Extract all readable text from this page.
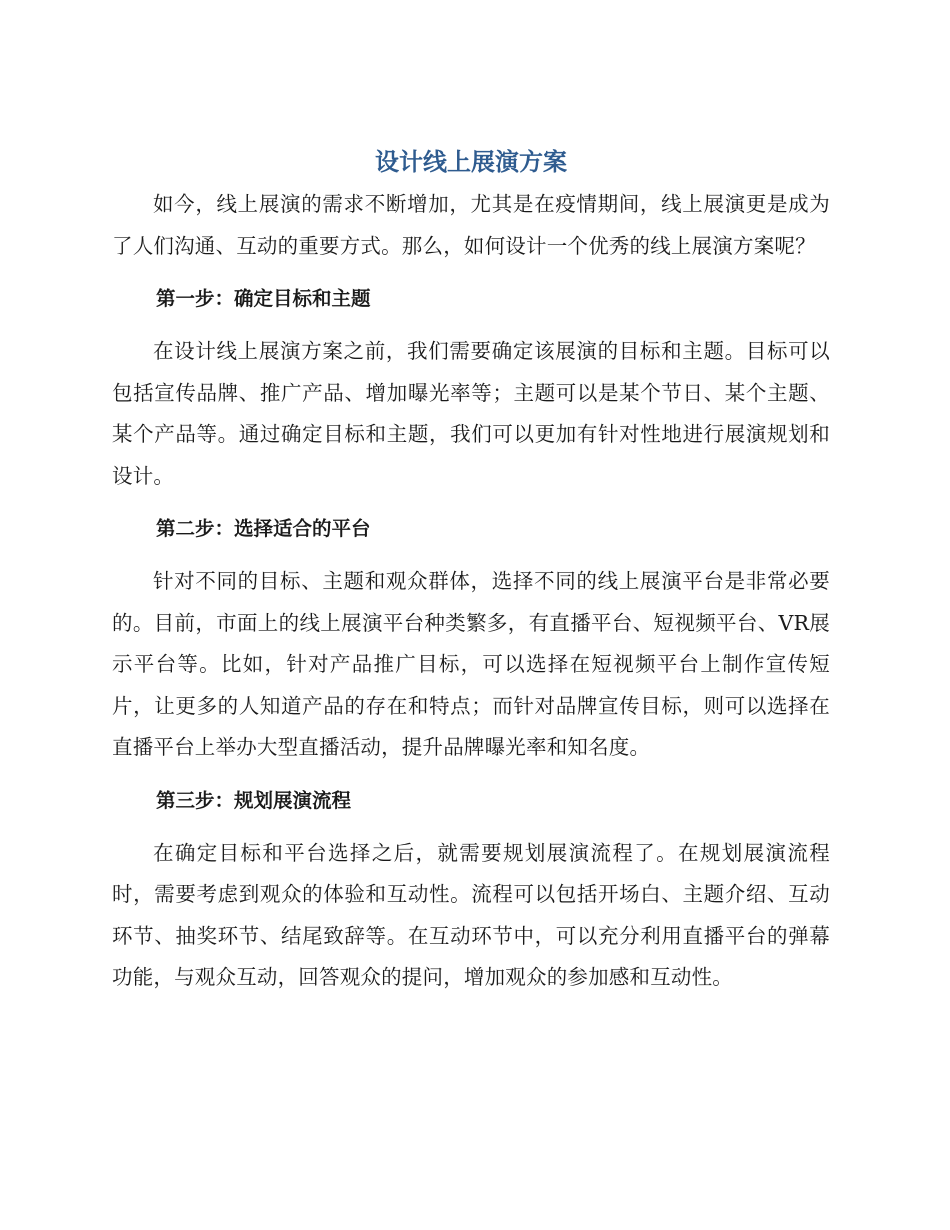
设计线上展演方案

如今，线上展演的需求不断增加，尤其是在疫情期间，线上展演更是成为了人们沟通、互动的重要方式。那么，如何设计一个优秀的线上展演方案呢？

第一步：确定目标和主题

在设计线上展演方案之前，我们需要确定该展演的目标和主题。目标可以包括宣传品牌、推广产品、增加曝光率等；主题可以是某个节日、某个主题、某个产品等。通过确定目标和主题，我们可以更加有针对性地进行展演规划和设计。

第二步：选择适合的平台

针对不同的目标、主题和观众群体，选择不同的线上展演平台是非常必要的。目前，市面上的线上展演平台种类繁多，有直播平台、短视频平台、VR展示平台等。比如，针对产品推广目标，可以选择在短视频平台上制作宣传短片，让更多的人知道产品的存在和特点；而针对品牌宣传目标，则可以选择在直播平台上举办大型直播活动，提升品牌曝光率和知名度。

第三步：规划展演流程

在确定目标和平台选择之后，就需要规划展演流程了。在规划展演流程时，需要考虑到观众的体验和互动性。流程可以包括开场白、主题介绍、互动环节、抽奖环节、结尾致辞等。在互动环节中，可以充分利用直播平台的弹幕功能，与观众互动，回答观众的提问，增加观众的参加感和互动性。
